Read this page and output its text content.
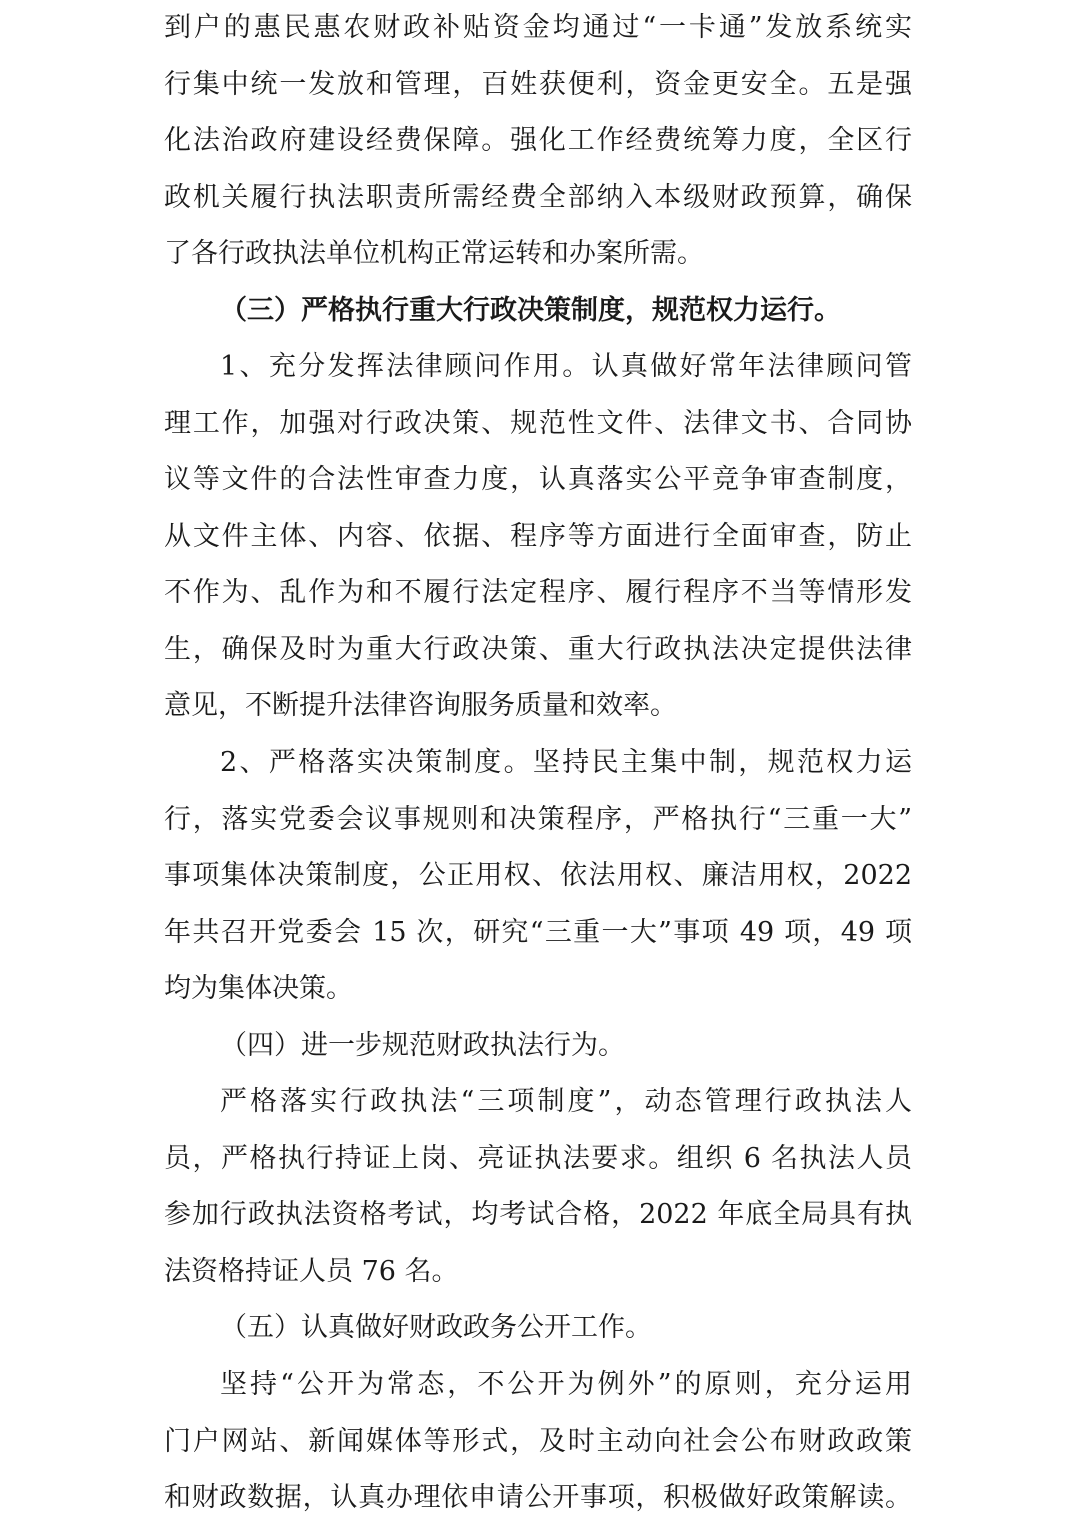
到户的惠民惠农财政补贴资金均通过“一卡通”发放系统实
行集中统一发放和管理，百姓获便利，资金更安全。五是强
化法治政府建设经费保障。强化工作经费统筹力度，全区行
政机关履行执法职责所需经费全部纳入本级财政预算，确保
了各行政执法单位机构正常运转和办案所需。
（三）严格执行重大行政决策制度，规范权力运行。
1、充分发挥法律顾问作用。认真做好常年法律顾问管
理工作，加强对行政决策、规范性文件、法律文书、合同协
议等文件的合法性审查力度，认真落实公平竞争审查制度，
从文件主体、内容、依据、程序等方面进行全面审查，防止
不作为、乱作为和不履行法定程序、履行程序不当等情形发
生，确保及时为重大行政决策、重大行政执法决定提供法律
意见，不断提升法律咨询服务质量和效率。
2、严格落实决策制度。坚持民主集中制，规范权力运
行，落实党委会议事规则和决策程序，严格执行“三重一大”
事项集体决策制度，公正用权、依法用权、廉洁用权，2022
年共召开党委会 15 次，研究“三重一大”事项 49 项，49 项
均为集体决策。
（四）进一步规范财政执法行为。
严格落实行政执法“三项制度”，动态管理行政执法人
员，严格执行持证上岗、亮证执法要求。组织 6 名执法人员
参加行政执法资格考试，均考试合格，2022 年底全局具有执
法资格持证人员 76 名。
（五）认真做好财政政务公开工作。
坚持“公开为常态，不公开为例外”的原则，充分运用
门户网站、新闻媒体等形式，及时主动向社会公布财政政策
和财政数据，认真办理依申请公开事项，积极做好政策解读。
